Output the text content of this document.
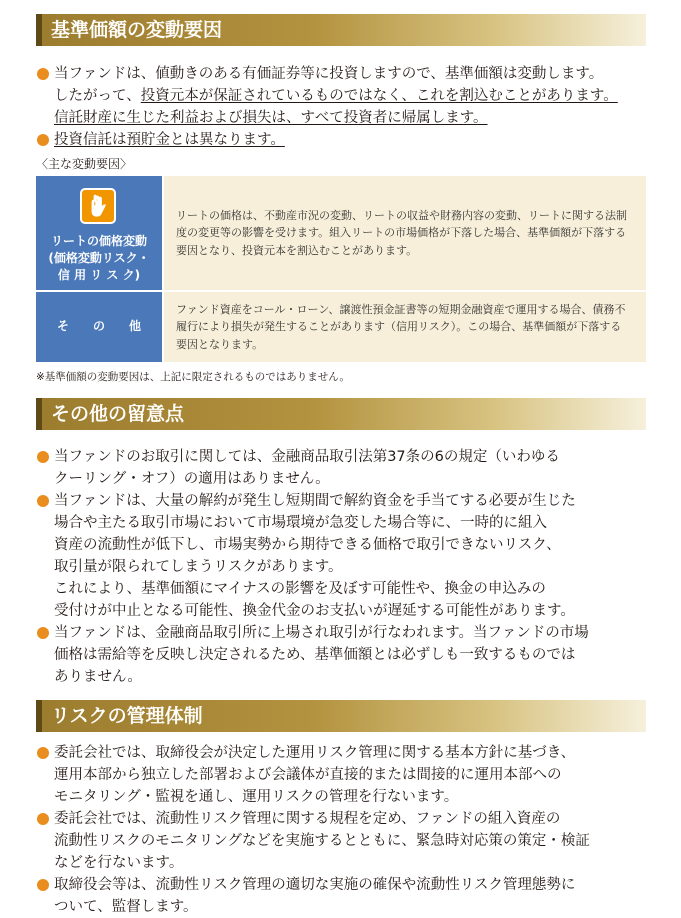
基準価額の変動要因
当ファンドは、値動きのある有価証券等に投資しますので、基準価額は変動します。
したがって、投資元本が保証されているものではなく、これを割込むことがあります。
信託財産に生じた利益および損失は、すべて投資者に帰属します。
投資信託は預貯金とは異なります。
〈主な変動要因〉
リートの価格変動
(価格変動リスク・
信 用 リ ス ク)
リートの価格は、不動産市況の変動、リートの収益や財務内容の変動、リートに関する法制度の変更等の影響を受けます。組入リートの市場価格が下落した場合、基準価額が下落する要因となり、投資元本を割込むことがあります。
そ　　の　　他
ファンド資産をコール・ローン、譲渡性預金証書等の短期金融資産で運用する場合、債務不履行により損失が発生することがあります（信用リスク）。この場合、基準価額が下落する要因となります。
※基準価額の変動要因は、上記に限定されるものではありません。
その他の留意点
当ファンドのお取引に関しては、金融商品取引法第37条の6の規定（いわゆる
クーリング・オフ）の適用はありません。
当ファンドは、大量の解約が発生し短期間で解約資金を手当てする必要が生じた
場合や主たる取引市場において市場環境が急変した場合等に、一時的に組入
資産の流動性が低下し、市場実勢から期待できる価格で取引できないリスク、
取引量が限られてしまうリスクがあります。
これにより、基準価額にマイナスの影響を及ぼす可能性や、換金の申込みの
受付けが中止となる可能性、換金代金のお支払いが遅延する可能性があります。
当ファンドは、金融商品取引所に上場され取引が行なわれます。当ファンドの市場
価格は需給等を反映し決定されるため、基準価額とは必ずしも一致するものでは
ありません。
リスクの管理体制
委託会社では、取締役会が決定した運用リスク管理に関する基本方針に基づき、
運用本部から独立した部署および会議体が直接的または間接的に運用本部への
モニタリング・監視を通し、運用リスクの管理を行ないます。
委託会社では、流動性リスク管理に関する規程を定め、ファンドの組入資産の
流動性リスクのモニタリングなどを実施するとともに、緊急時対応策の策定・検証
などを行ないます。
取締役会等は、流動性リスク管理の適切な実施の確保や流動性リスク管理態勢に
ついて、監督します。
